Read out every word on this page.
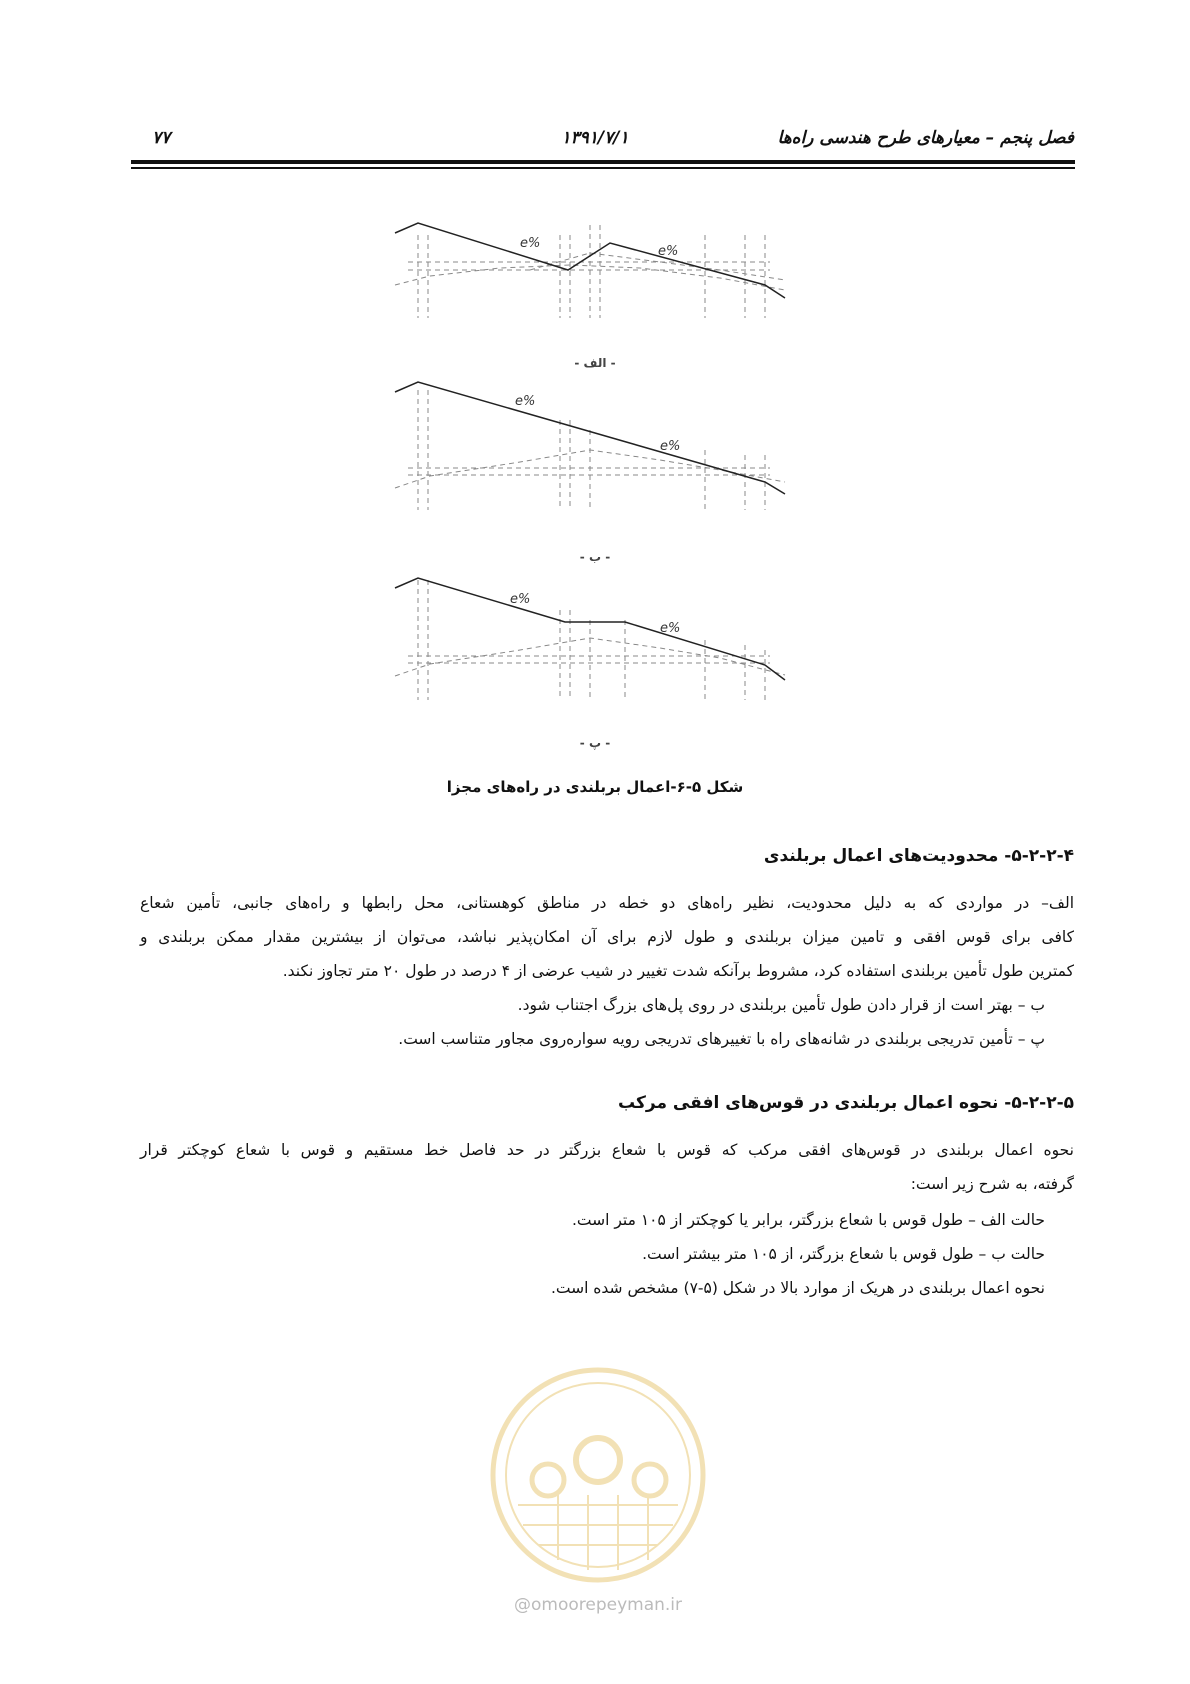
فصل پنجم – معیارهای طرح هندسی راه‌ها
۱۳۹۱/۷/۱
۷۷
e%
e%
e%
e%
e%
e%
- الف -
- ب -
- پ -
شکل ۵-۶-اعمال بربلندی در راه‌های مجزا
۵-۲-۲-۴- محدودیت‌های اعمال بربلندی
الف– در مواردی که به دلیل محدودیت، نظیر راه‌های دو خطه در مناطق کوهستانی، محل رابطها و راه‌های جانبی، تأمین شعاع
کافی برای قوس افقی و تامین میزان بربلندی و طول لازم برای آن امکان‌پذیر نباشد، می‌توان از بیشترین مقدار ممکن بربلندی و
کمترین طول تأمین بربلندی استفاده کرد، مشروط برآنکه شدت تغییر در شیب عرضی از ۴ درصد در طول ۲۰ متر تجاوز نکند.
ب – بهتر است از قرار دادن طول تأمین بربلندی در روی پل‌های بزرگ اجتناب شود.
پ – تأمین تدریجی بربلندی در شانه‌های راه با تغییرهای تدریجی رویه سواره‌روی مجاور متناسب است.
۵-۲-۲-۵- نحوه اعمال بربلندی در قوس‌های افقی مرکب
نحوه اعمال بربلندی در قوس‌های افقی مرکب که قوس با شعاع بزرگتر در حد فاصل خط مستقیم و قوس با شعاع کوچکتر قرار
گرفته، به شرح زیر است:
حالت الف – طول قوس با شعاع بزرگتر، برابر یا کوچکتر از ۱۰۵ متر است.
حالت ب – طول قوس با شعاع بزرگتر، از ۱۰۵ متر بیشتر است.
نحوه اعمال بربلندی در هریک از موارد بالا در شکل (۵-۷) مشخص شده است.
@omoorepeyman.ir
